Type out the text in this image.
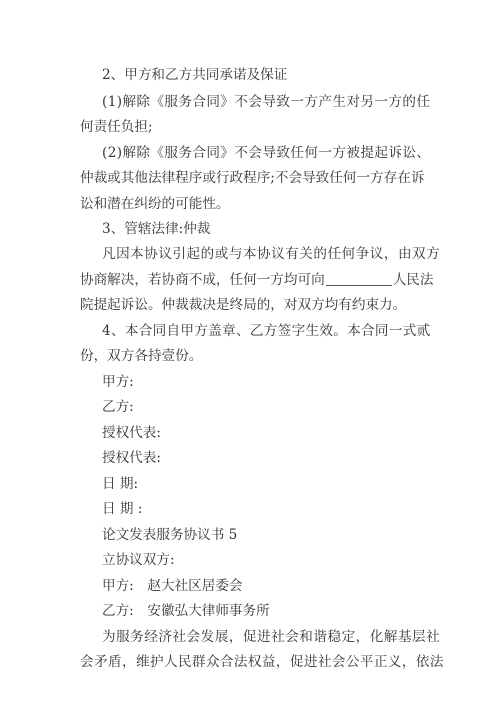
2、甲方和乙方共同承诺及保证
(1)解除《服务合同》不会导致一方产生对另一方的任
何责任负担;
(2)解除《服务合同》不会导致任何一方被提起诉讼、
仲裁或其他法律程序或行政程序;不会导致任何一方存在诉
讼和潜在纠纷的可能性。
3、管辖法律:仲裁
凡因本协议引起的或与本协议有关的任何争议，由双方
协商解决，若协商不成，任何一方均可向	人民法
院提起诉讼。仲裁裁决是终局的，对双方均有约束力。
4、本合同自甲方盖章、乙方签字生效。本合同一式贰
份，双方各持壹份。
甲方:
乙方:
授权代表:
授权代表:
日 期:
日 期 :
论文发表服务协议书 5
立协议双方:
甲方:　赵大社区居委会
乙方:　安徽弘大律师事务所
为服务经济社会发展，促进社会和谐稳定，化解基层社
会矛盾，维护人民群众合法权益，促进社会公平正义，依法
